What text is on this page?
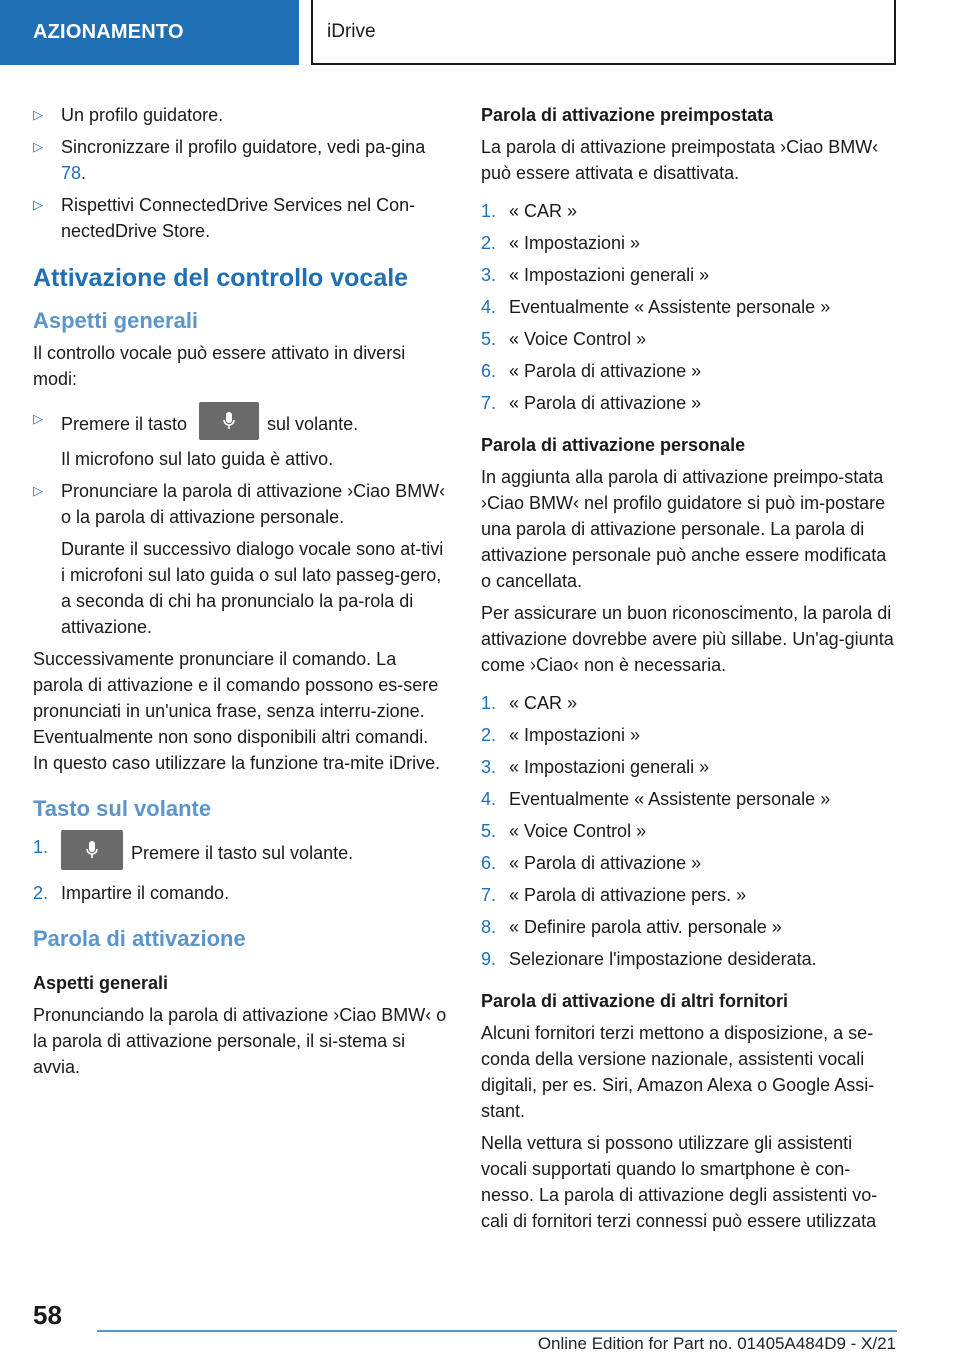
AZIONAMENTO	iDrive
▷	Un profilo guidatore.
▷	Sincronizzare il profilo guidatore, vedi pa-gina 78.
▷	Rispettivi ConnectedDrive Services nel Con-nectedDrive Store.
Attivazione del controllo vocale
Aspetti generali

Il controllo vocale può essere attivato in diversi modi:

▷	Premere il tasto	sul volante.
Il microfono sul lato guida è attivo.
▷	Pronunciare la parola di attivazione ›Ciao BMW‹ o la parola di attivazione personale.
Durante il successivo dialogo vocale sono at-tivi i microfoni sul lato guida o sul lato passeg-gero, a seconda di chi ha pronuncialo la pa-rola di attivazione.

Successivamente pronunciare il comando. La parola di attivazione e il comando possono es-sere pronunciati in un'unica frase, senza interru-zione. Eventualmente non sono disponibili altri comandi. In questo caso utilizzare la funzione tra-mite iDrive.

Tasto sul volante
1.	Premere il tasto sul volante.
2. Impartire il comando.
Parola di attivazione
Aspetti generali

Pronunciando la parola di attivazione ›Ciao BMW‹ o la parola di attivazione personale, il si-stema si avvia.

Parola di attivazione preimpostata

La parola di attivazione preimpostata ›Ciao BMW‹ può essere attivata e disattivata.

1. « CAR »
2. « Impostazioni »
3. « Impostazioni generali »
4. Eventualmente « Assistente personale »
5. « Voice Control »
6. « Parola di attivazione »
7. « Parola di attivazione »
Parola di attivazione personale

In aggiunta alla parola di attivazione preimpo-stata ›Ciao BMW‹ nel profilo guidatore si può im-postare una parola di attivazione personale. La parola di attivazione personale può anche essere modificata o cancellata.

Per assicurare un buon riconoscimento, la parola di attivazione dovrebbe avere più sillabe. Un'ag-giunta come ›Ciao‹ non è necessaria.

1. « CAR »
2. « Impostazioni »
3. « Impostazioni generali »
4. Eventualmente « Assistente personale »
5. « Voice Control »
6. « Parola di attivazione »
7. « Parola di attivazione pers. »
8. « Definire parola attiv. personale »
9. Selezionare l'impostazione desiderata.
Parola di attivazione di altri fornitori

Alcuni fornitori terzi mettono a disposizione, a se-conda della versione nazionale, assistenti vocali digitali, per es. Siri, Amazon Alexa o Google Assi-stant.

Nella vettura si possono utilizzare gli assistenti vocali supportati quando lo smartphone è con-nesso. La parola di attivazione degli assistenti vo-cali di fornitori terzi connessi può essere utilizzata

58
Online Edition for Part no. 01405A484D9 - X/21
